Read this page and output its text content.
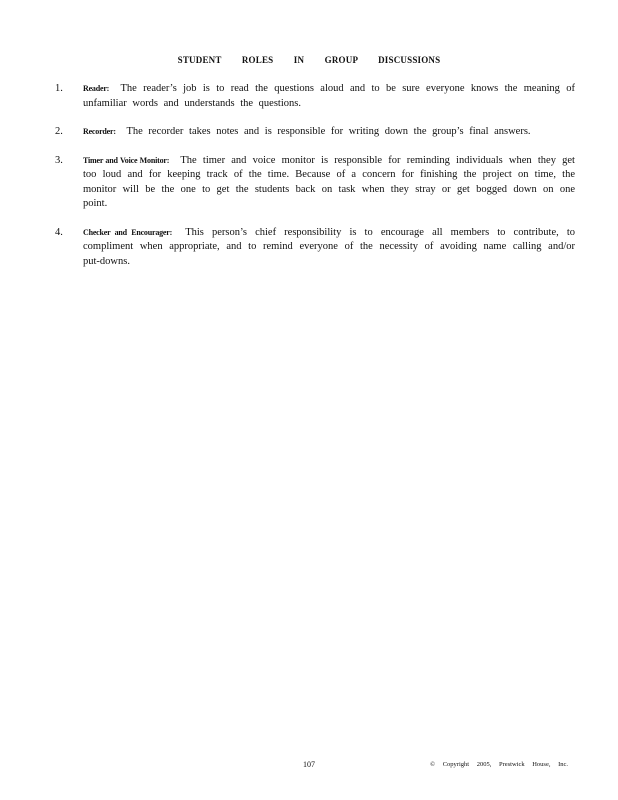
STUDENT ROLES IN GROUP DISCUSSIONS
1.	Reader: The reader’s job is to read the questions aloud and to be sure everyone knows the meaning of unfamiliar words and understands the questions.
2.	Recorder: The recorder takes notes and is responsible for writing down the group’s final answers.
3.	Timer and Voice Monitor: The timer and voice monitor is responsible for reminding individuals when they get too loud and for keeping track of the time. Because of a concern for finishing the project on time, the monitor will be the one to get the students back on task when they stray or get bogged down on one point.
4.	Checker and Encourager: This person’s chief responsibility is to encourage all members to contribute, to compliment when appropriate, and to remind everyone of the necessity of avoiding name calling and/or put-downs.
107	© Copyright 2005, Prestwick House, Inc.
